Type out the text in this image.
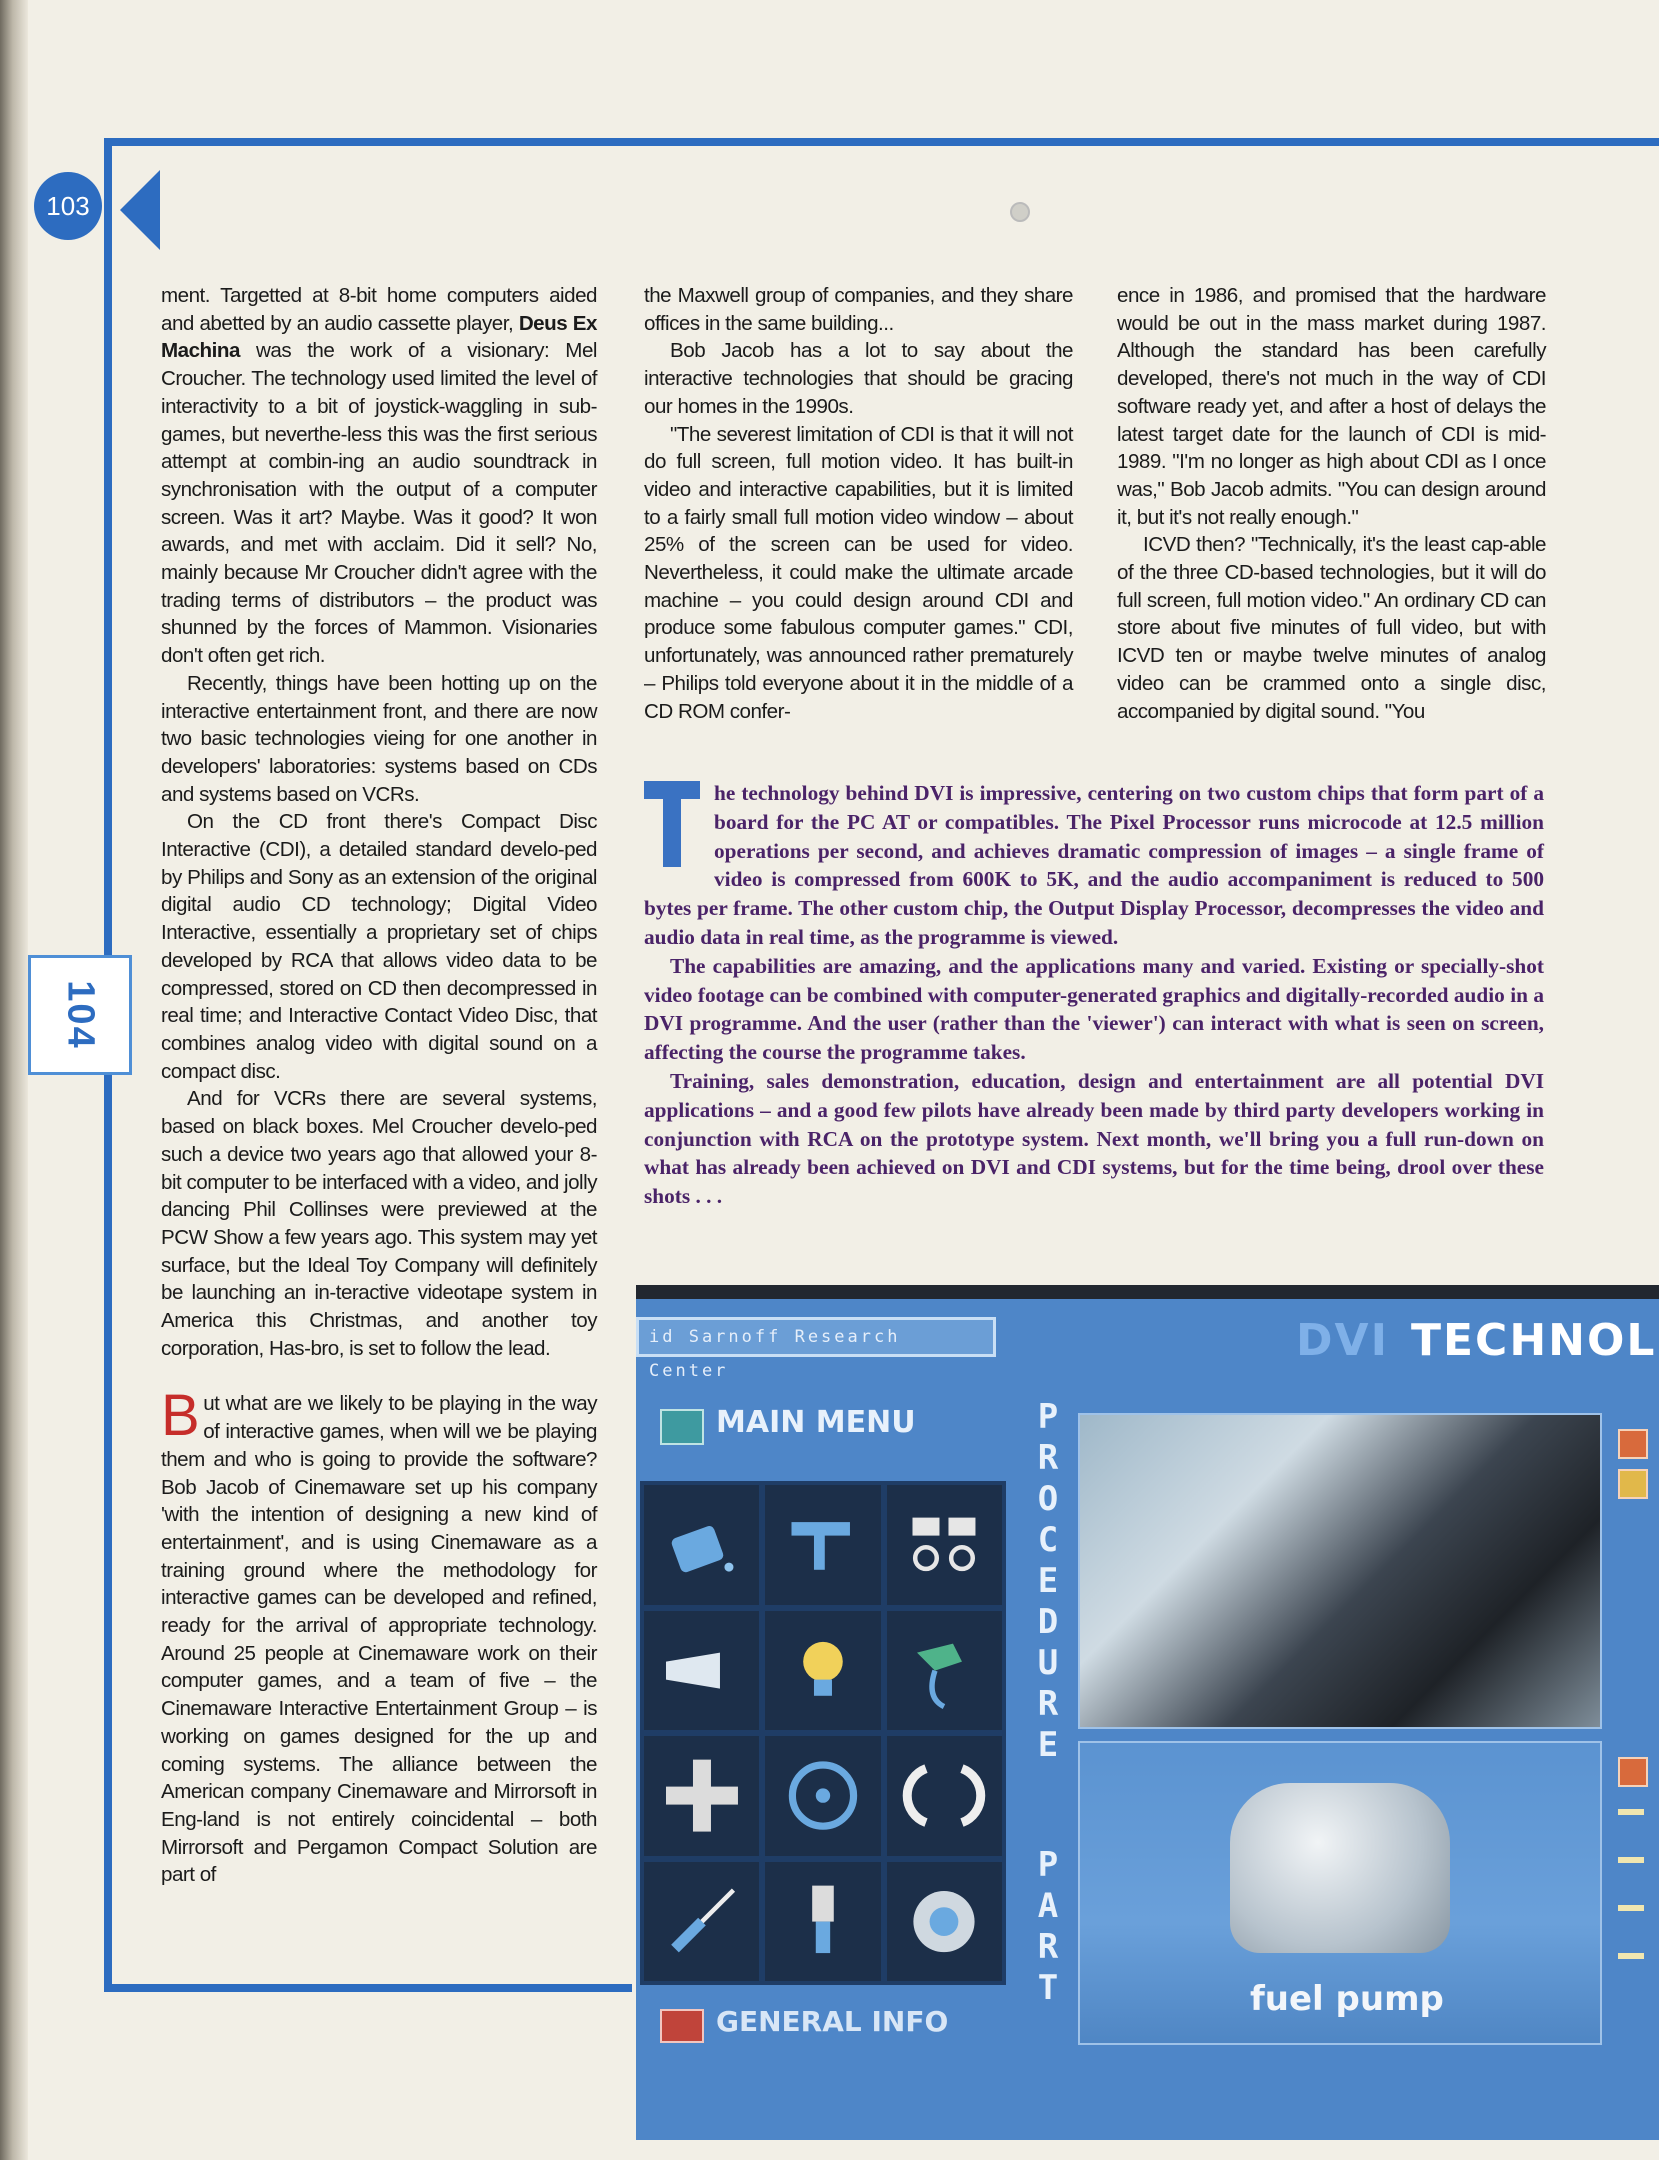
103
104

ment. Targetted at 8-bit home computers aided and abetted by an audio cassette player, Deus Ex Machina was the work of a visionary: Mel Croucher. The technology used limited the level of interactivity to a bit of joystick-waggling in sub-games, but neverthe-less this was the first serious attempt at combin-ing an audio soundtrack in synchronisation with the output of a computer screen. Was it art? Maybe. Was it good? It won awards, and met with acclaim. Did it sell? No, mainly because Mr Croucher didn't agree with the trading terms of distributors – the product was shunned by the forces of Mammon. Visionaries don't often get rich.

Recently, things have been hotting up on the interactive entertainment front, and there are now two basic technologies vieing for one another in developers' laboratories: systems based on CDs and systems based on VCRs.

On the CD front there's Compact Disc Interactive (CDI), a detailed standard develo-ped by Philips and Sony as an extension of the original digital audio CD technology; Digital Video Interactive, essentially a proprietary set of chips developed by RCA that allows video data to be compressed, stored on CD then decompressed in real time; and Interactive Contact Video Disc, that combines analog video with digital sound on a compact disc.

And for VCRs there are several systems, based on black boxes. Mel Croucher develo-ped such a device two years ago that allowed your 8-bit computer to be interfaced with a video, and jolly dancing Phil Collinses were previewed at the PCW Show a few years ago. This system may yet surface, but the Ideal Toy Company will definitely be launching an in-teractive videotape system in America this Christmas, and another toy corporation, Has-bro, is set to follow the lead.

But what are we likely to be playing in the way of interactive games, when will we be playing them and who is going to provide the software? Bob Jacob of Cinemaware set up his company 'with the intention of designing a new kind of entertainment', and is using Cinemaware as a training ground where the methodology for interactive games can be developed and refined, ready for the arrival of appropriate technology. Around 25 people at Cinemaware work on their computer games, and a team of five – the Cinemaware Interactive Entertainment Group – is working on games designed for the up and coming systems. The alliance between the American company Cinemaware and Mirrorsoft in Eng-land is not entirely coincidental – both Mirrorsoft and Pergamon Compact Solution are part of

the Maxwell group of companies, and they share offices in the same building...

Bob Jacob has a lot to say about the interactive technologies that should be gracing our homes in the 1990s.

"The severest limitation of CDI is that it will not do full screen, full motion video. It has built-in video and interactive capabilities, but it is limited to a fairly small full motion video window – about 25% of the screen can be used for video. Nevertheless, it could make the ultimate arcade machine – you could design around CDI and produce some fabulous computer games." CDI, unfortunately, was announced rather prematurely – Philips told everyone about it in the middle of a CD ROM confer-

ence in 1986, and promised that the hardware would be out in the mass market during 1987. Although the standard has been carefully developed, there's not much in the way of CDI software ready yet, and after a host of delays the latest target date for the launch of CDI is mid-1989. "I'm no longer as high about CDI as I once was," Bob Jacob admits. "You can design around it, but it's not really enough."

ICVD then? "Technically, it's the least cap-able of the three CD-based technologies, but it will do full screen, full motion video." An ordinary CD can store about five minutes of full video, but with ICVD ten or maybe twelve minutes of analog video can be crammed onto a single disc, accompanied by digital sound. "You

he technology behind DVI is impressive, centering on two custom chips that form part of a board for the PC AT or compatibles. The Pixel Processor runs microcode at 12.5 million operations per second, and achieves dramatic compression of images – a single frame of video is compressed from 600K to 5K, and the audio accompaniment is reduced to 500 bytes per frame. The other custom chip, the Output Display Processor, decompresses the video and audio data in real time, as the programme is viewed.

The capabilities are amazing, and the applications many and varied. Existing or specially-shot video footage can be combined with computer-generated graphics and digitally-recorded audio in a DVI programme. And the user (rather than the 'viewer') can interact with what is seen on screen, affecting the course the programme takes.

Training, sales demonstration, education, design and entertainment are all potential DVI applications – and a good few pilots have already been made by third party developers working in conjunction with RCA on the prototype system. Next month, we'll bring you a full run-down on what has already been achieved on DVI and CDI systems, but for the time being, drool over these shots . . .

id Sarnoff Research Center
DVI TECHNOL
MAIN MENU	P
R
O
C
E
D
U
R
E
P
A
R
T	fuel pump
GENERAL INFO
